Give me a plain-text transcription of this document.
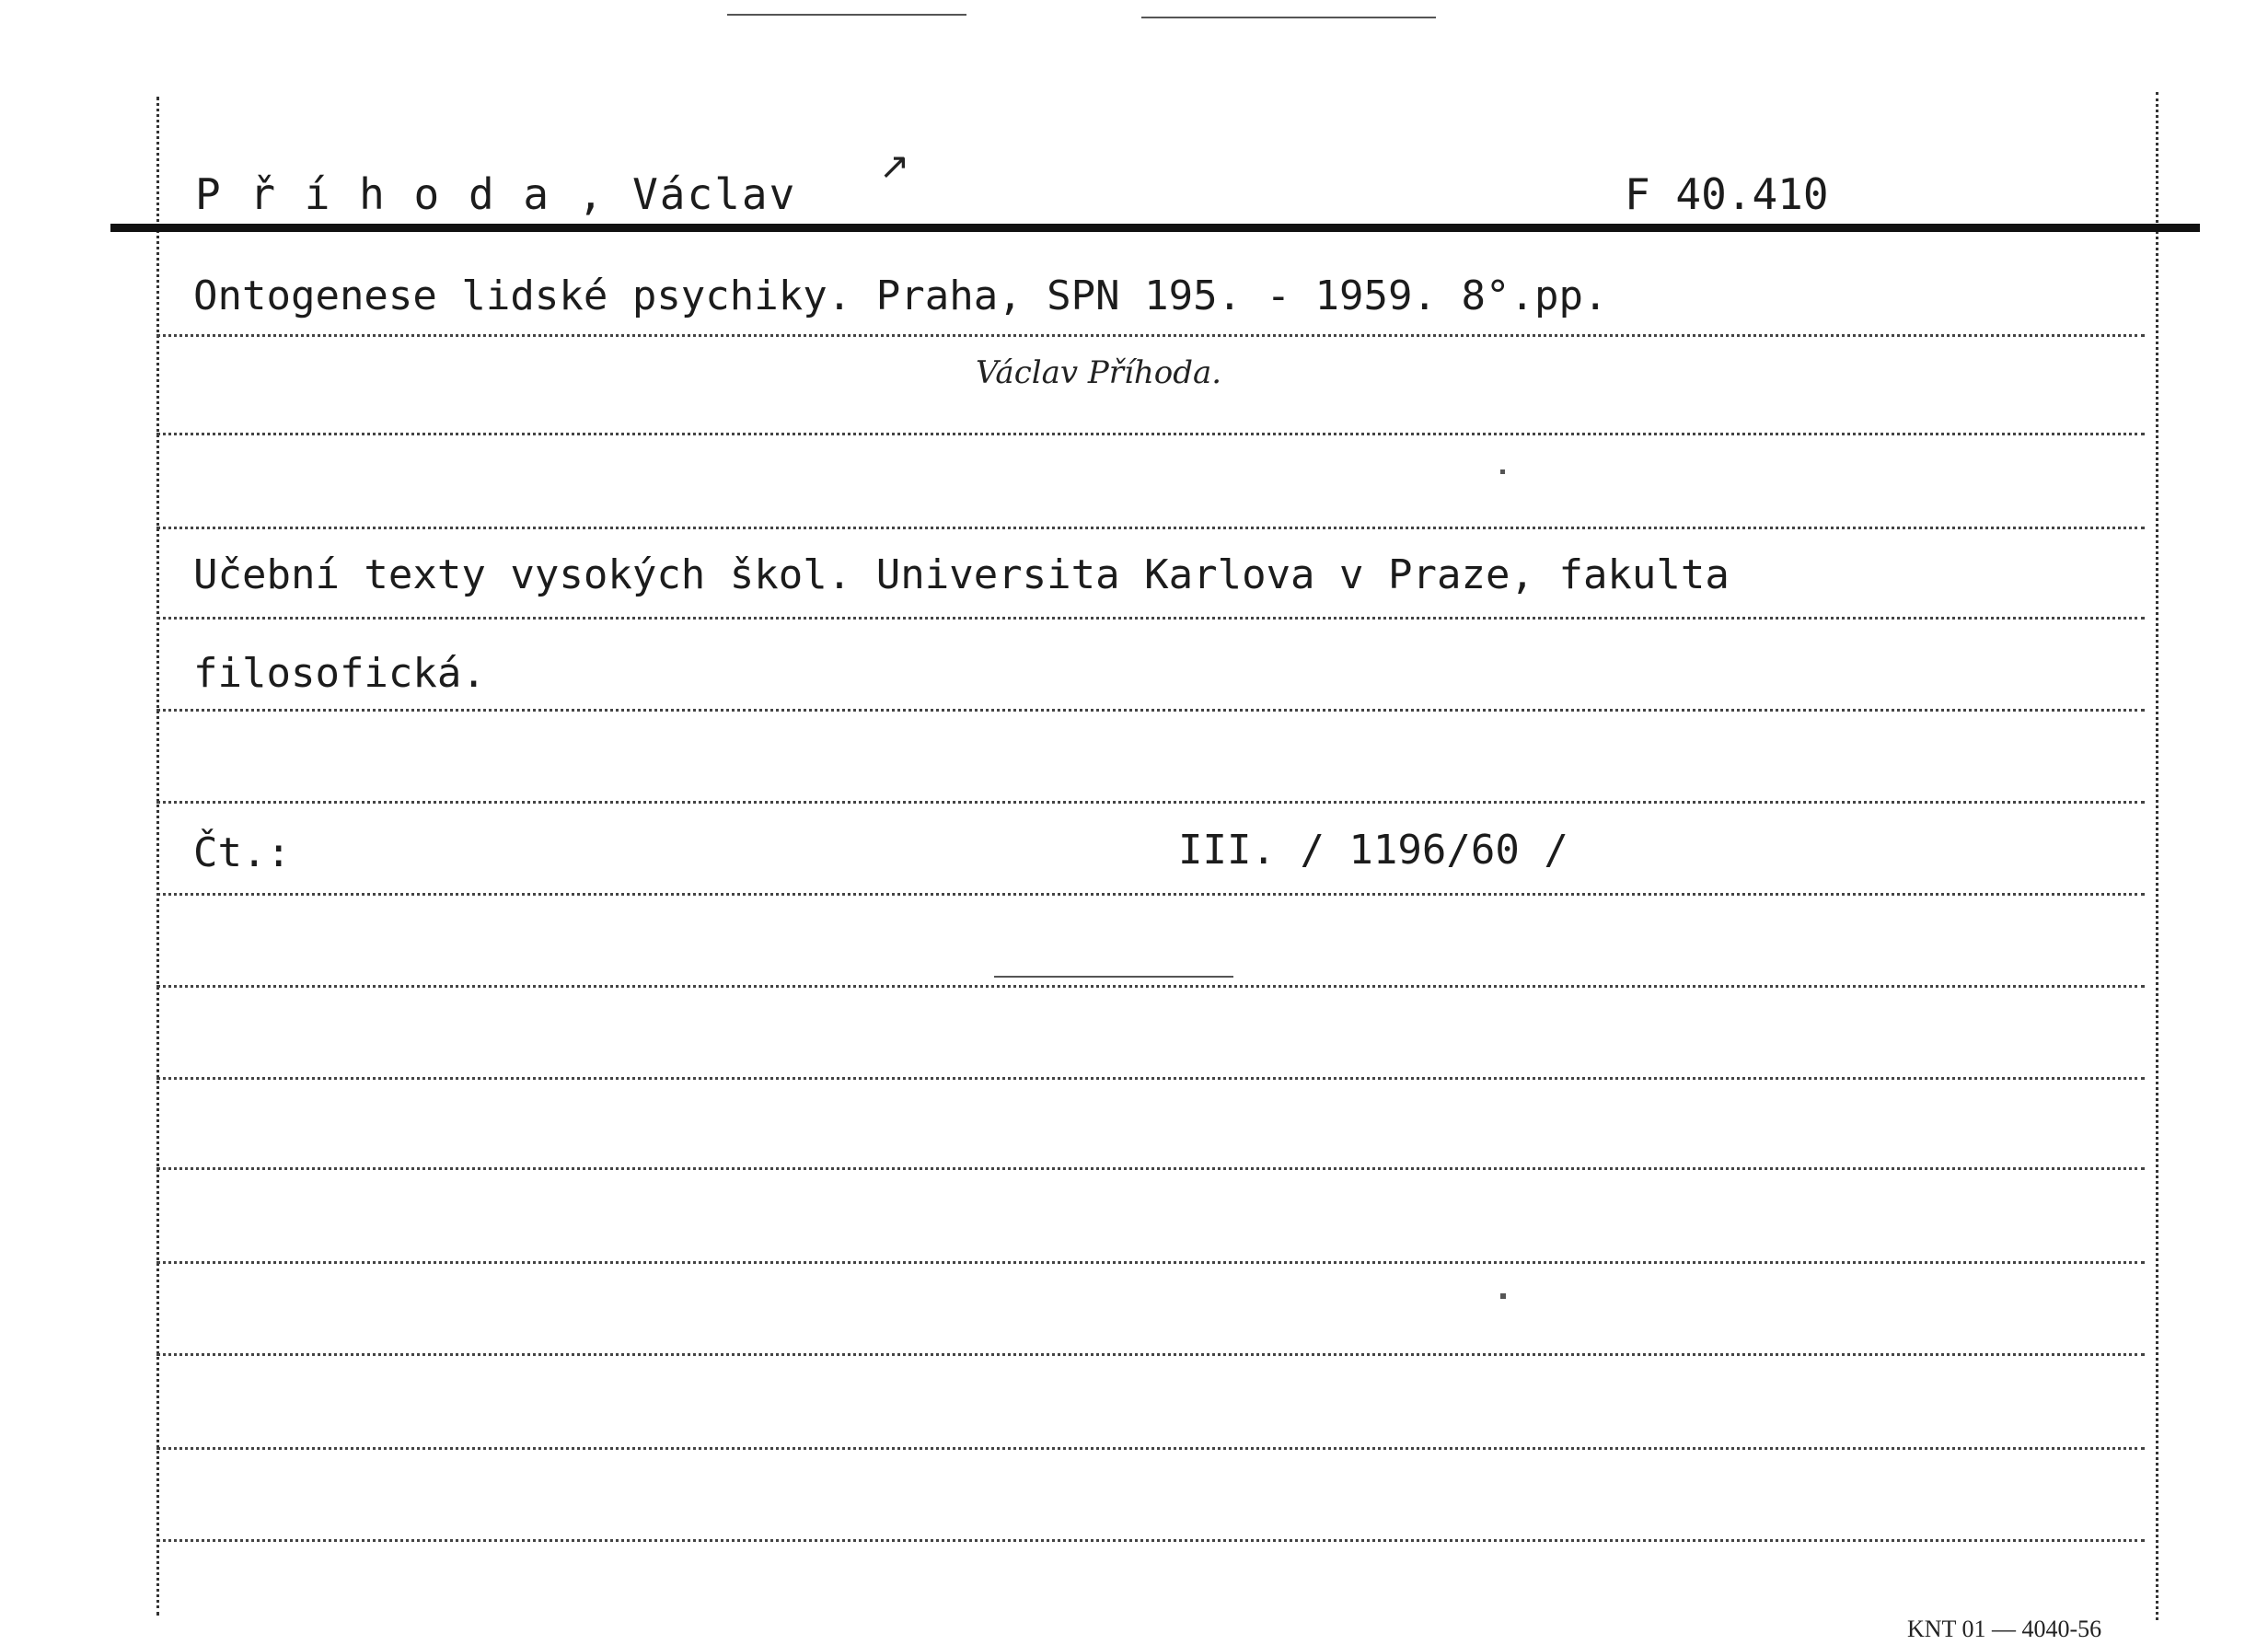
P ř í h o d a , Václav
↗
F 40.410
Ontogenese lidské psychiky. Praha, SPN 195. - 1959. 8°.pp.
Václav Příhoda.
Učební texty vysokých škol. Universita Karlova v Praze, fakulta
filosofická.
Čt.:	III. / 1196/60 /
KNT 01 — 4040-56
